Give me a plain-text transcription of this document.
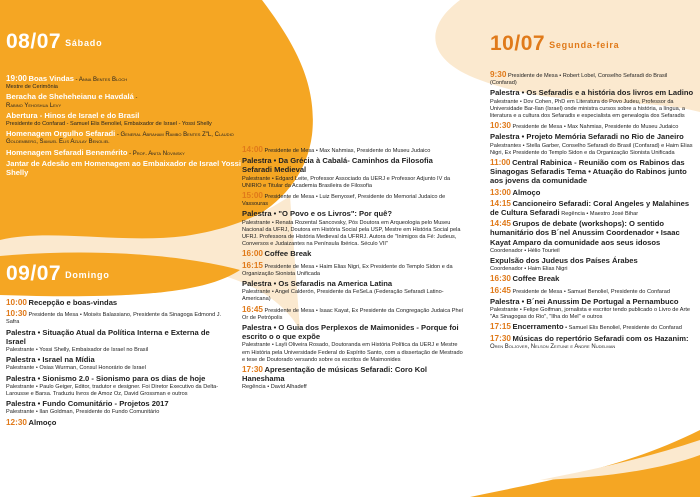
08/07 Sábado
19:00 Boas Vindas - Anna Bentes Bloch
Mestre de Cerimônia
Beracha de Sheheheianu e Havdalá -
Rabino Yehoshua Levy
Abertura - Hinos de Israel e do Brasil
Presidente do Confarad - Samuel Elis Benoliel, Embaixador de Israel - Yossi Shelly
Homenagem Orgulho Sefaradi - General Abraham Rambo Bentes Z"L, Claudio Goldemberg, Samuel Elis Azulay Benoliel
Homenagem Sefaradi Benemérito - Prof. Anita Novinsky
Jantar de Adesão em Homenagem ao Embaixador de Israel Yossi Shelly
09/07 Domingo
10:00 Recepção e boas-vindas
10:30 Presidente da Mesa • Moisés Balassiano, Presidente da Sinagoga Edmond J. Safra
Palestra • Situação Atual da Política Interna e Externa de Israel
Palestrante • Yossi Shelly, Embaixador de Israel no Brasil
Palestra • Israel na Mídia
Palestrante • Osias Wurman, Consul Honorário de Israel
Palestra • Sionismo 2.0 - Sionismo para os dias de hoje
Palestrante • Paulo Geiger, Editor, tradutor e designer. Foi Diretor Executivo da Delta-Larousse e Barsa. Traduziu livros de Amoz Oz, David Grossman e outros
Palestra • Fundo Comunitário - Projetos 2017
Palestrante • Ilan Goldman, Presidente do Fundo Comunitário
12:30 Almoço
14:00 Presidente de Mesa • Max Nahmias, Presidente do Museu Judaico
Palestra • Da Grécia à Cabalá- Caminhos da Filosofia Sefaradi Medieval
Palestrante • Edgard Leite, Professor Associado da UERJ e Professor Adjunto IV da UNIRIO e Titular da Academia Brasileira de Filosofia
15:00 Presidente de Mesa • Luiz Benyosef, Presidente do Memorial Judaico de Vassouras
Palestra • "O Povo e os Livros": Por quê?
Palestrante • Renata Rozental Sancovsky, Pós Doutora em Arqueologia pelo Museu Nacional da UFRJ, Doutora em História Social pela USP, Mestre em História Social pela UFRJ. Professora de História Medieval da UFRRJ. Autora de "Inimigos da Fé: Judeus, Conversos e Judaizantes na Península Ibérica. Século VII"
16:00 Coffee Break
16:15 Presidente de Mesa • Haim Elias Nigri, Ex Presidente do Templo Sidon e da Organização Sionista Unificada
Palestra • Os Sefaradis na America Latina
Palestrante • Angel Calderón, Presidente da FeSeLa (Federação Sefaradi Latino-Americana)
16:45 Presidente de Mesa • Isaac Kayat, Ex Presidente da Congregação Judaica Pheí Or de Petrópolis
Palestra • O Guia dos Perplexos de Maimonides - Porque foi escrito o o que expõe
Palestrante • Layli Oliveira Rosado, Doutoranda em História Política da UERJ e Mestre em História pela Universidade Federal do Espírito Santo, com a dissertação de Mestrado e tese de Doutorado versando sobre os escritos de Maimonides
17:30 Apresentação de músicas Sefaradi: Coro Kol Haneshama
Regência • David Alhadeff
10/07 Segunda-feira
9:30 Presidente de Mesa • Robert Lobel, Conselho Sefaradi do Brasil (Confarad)
Palestra • Os Sefaradis e a história dos livros em Ladino Palestrante • Dov Cohen, PhD em Literatura do Povo Judeu, Professor da Universidade Bar-Ilan (Israel) onde ministra cursos sobre a história, a língua, a literatura e a cultura dos Sefaradis e especialista em genealogia dos Sefaradis
10:30 Presidente de Mesa • Max Nahmias, Presidente do Museu Judaico
Palestra • Projeto Memória Sefaradi no Rio de Janeiro
Palestrantes • Stella Garber, Conselho Sefaradi do Brasil (Confarad) e Haim Elias Nigri, Ex Presidente do Templo Sidon e da Organização Sionista Unificada
11:00 Central Rabinica - Reunião com os Rabinos das Sinagogas Sefaradis Tema • Atuação do Rabinos junto aos jovens da comunidade
13:00 Almoço
14:15 Cancioneiro Sefaradi: Coral Angeles y Malahines de Cultura Sefaradi Regência • Maestro José Bihar
14:45 Grupos de debate (workshops): O sentido humanitário dos B´nel Anussim Coordenador • Isaac Kayat Amparo da comunidade aos seus idosos
Coordenador • Hélio Tourieil
Expulsão dos Judeus dos Países Árabes
Coordenador • Haim Elias Nigri
16:30 Coffee Break
16:45 Presidente de Mesa • Samuel Benoliel, Presidente do Confarad
Palestra • B´nei Anussim De Portugal a Pernambuco
Palestrante • Felipe Goifman, jornalista e escritor tendo publicado o Livro de Arte "As Sinagogas do Rio", "Ilha do Mel" e outros
17:15 Encerramento • Samuel Elis Benoliel, Presidente do Confarad
17:30 Músicas do repertório Sefaradi com os Hazanim: Oren Boljover, Nelson Zeitune e Andre Nudelman
